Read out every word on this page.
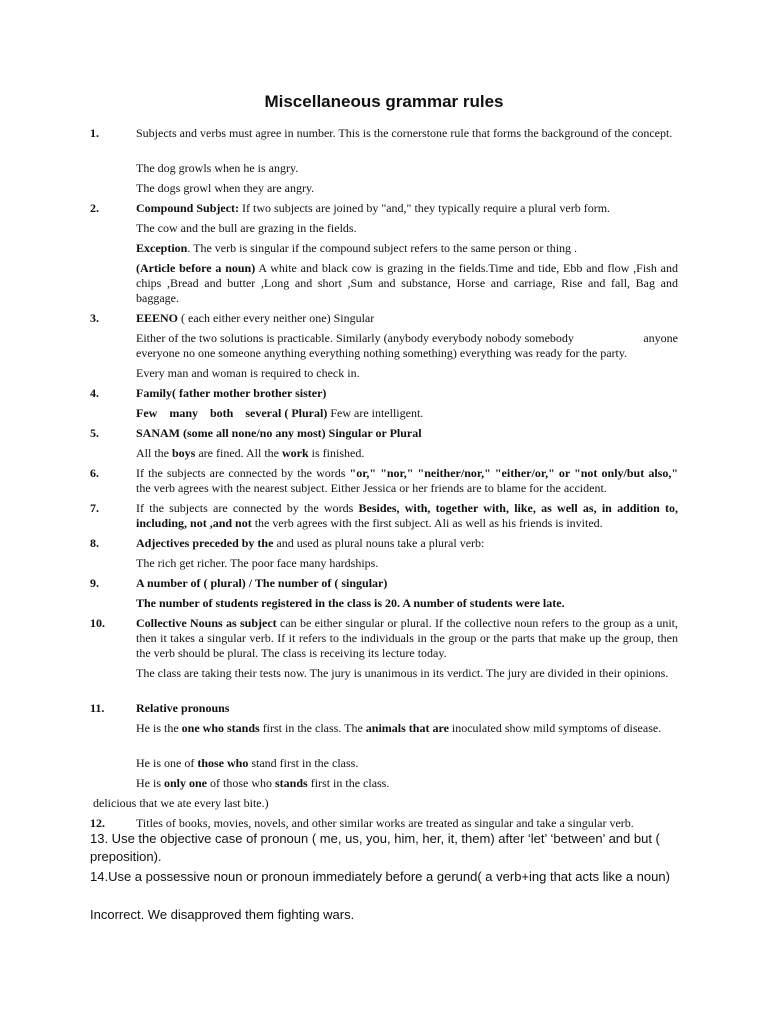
Miscellaneous grammar rules

1.	Subjects and verbs must agree in number. This is the cornerstone rule that forms the background of the concept.

The dog growls when he is angry.

The dogs growl when they are angry.

2.	Compound Subject: If two subjects are joined by "and," they typically require a plural verb form.

The cow and the bull are grazing in the fields.

Exception. The verb is singular if the compound subject refers to the same person or thing .

(Article before a noun) A white and black cow is grazing in the fields.Time and tide, Ebb and flow ,Fish and chips ,Bread and butter ,Long and short ,Sum and substance, Horse and carriage, Rise and fall, Bag and baggage.

3.	EEENO ( each either every neither one) Singular

Either of the two solutions is practicable. Similarly (anybody everybody nobody somebody	anyone
everyone no one someone anything everything nothing something) everything was ready for the party.

Every man and woman is required to check in.

4.	Family( father mother brother sister)

Few many both several ( Plural) Few are intelligent.

5.	SANAM (some all none/no any most) Singular or Plural

All the boys are fined. All the work is finished.

6.	If the subjects are connected by the words "or," "nor," "neither/nor," "either/or," or "not only/but also," the verb agrees with the nearest subject. Either Jessica or her friends are to blame for the accident.

7.	If the subjects are connected by the words Besides, with, together with, like, as well as, in addition to, including, not ,and not the verb agrees with the first subject. Ali as well as his friends is invited.

8.	Adjectives preceded by the and used as plural nouns take a plural verb:

The rich get richer. The poor face many hardships.

9.	A number of ( plural) / The number of ( singular)

The number of students registered in the class is 20. A number of students were late.

10.	Collective Nouns as subject can be either singular or plural. If the collective noun refers to the group as a unit, then it takes a singular verb. If it refers to the individuals in the group or the parts that make up the group, then the verb should be plural. The class is receiving its lecture today.

The class are taking their tests now. The jury is unanimous in its verdict. The jury are divided in their opinions.

11.	Relative pronouns

He is the one who stands first in the class. The animals that are inoculated show mild symptoms of disease.

He is one of those who stand first in the class.

He is only one of those who stands first in the class.

delicious that we ate every last bite.)

12.	Titles of books, movies, novels, and other similar works are treated as singular and take a singular verb.

13. Use the objective case of pronoun ( me, us, you, him, her, it, them) after ‘let’ ‘between’ and but ( preposition).

14.Use a possessive noun or pronoun immediately before a gerund( a verb+ing that acts like a noun)

Incorrect. We disapproved them fighting wars.
